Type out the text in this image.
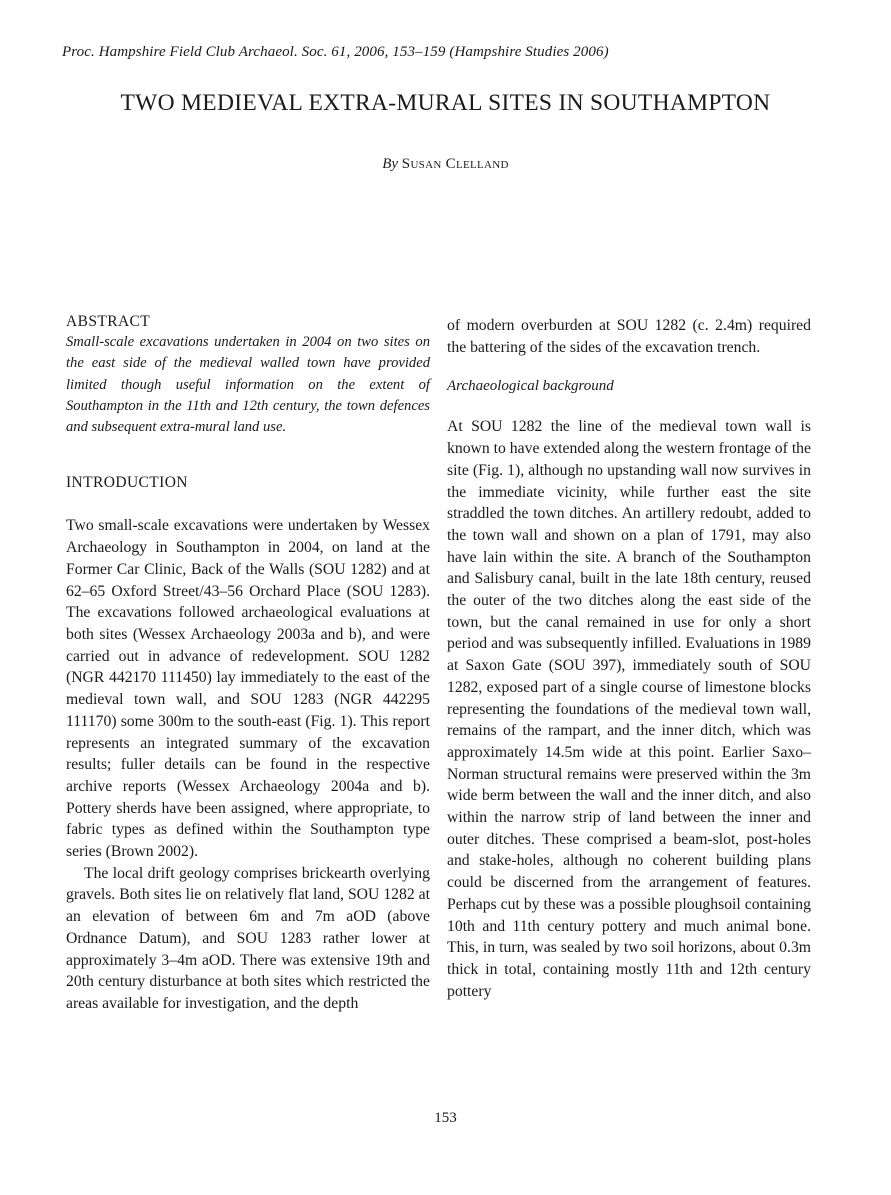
Proc. Hampshire Field Club Archaeol. Soc. 61, 2006, 153–159 (Hampshire Studies 2006)
TWO MEDIEVAL EXTRA-MURAL SITES IN SOUTHAMPTON
By Susan Clelland
ABSTRACT

Small-scale excavations undertaken in 2004 on two sites on the east side of the medieval walled town have provided limited though useful information on the extent of Southampton in the 11th and 12th century, the town defences and subsequent extra-mural land use.

INTRODUCTION

Two small-scale excavations were undertaken by Wessex Archaeology in Southampton in 2004, on land at the Former Car Clinic, Back of the Walls (SOU 1282) and at 62–65 Oxford Street/43–56 Orchard Place (SOU 1283). The excavations followed archaeological evaluations at both sites (Wessex Archaeology 2003a and b), and were carried out in advance of redevelopment. SOU 1282 (NGR 442170 111450) lay immediately to the east of the medieval town wall, and SOU 1283 (NGR 442295 111170) some 300m to the south-east (Fig. 1). This report represents an integrated summary of the excavation results; fuller details can be found in the respective archive reports (Wessex Archaeology 2004a and b). Pottery sherds have been assigned, where appropriate, to fabric types as defined within the Southampton type series (Brown 2002).

The local drift geology comprises brickearth overlying gravels. Both sites lie on relatively flat land, SOU 1282 at an elevation of between 6m and 7m aOD (above Ordnance Datum), and SOU 1283 rather lower at approximately 3–4m aOD. There was extensive 19th and 20th century disturbance at both sites which restricted the areas available for investigation, and the depth

of modern overburden at SOU 1282 (c. 2.4m) required the battering of the sides of the excavation trench.

Archaeological background

At SOU 1282 the line of the medieval town wall is known to have extended along the western frontage of the site (Fig. 1), although no upstanding wall now survives in the immediate vicinity, while further east the site straddled the town ditches. An artillery redoubt, added to the town wall and shown on a plan of 1791, may also have lain within the site. A branch of the Southampton and Salisbury canal, built in the late 18th century, reused the outer of the two ditches along the east side of the town, but the canal remained in use for only a short period and was subsequently infilled. Evaluations in 1989 at Saxon Gate (SOU 397), immediately south of SOU 1282, exposed part of a single course of limestone blocks representing the foundations of the medieval town wall, remains of the rampart, and the inner ditch, which was approximately 14.5m wide at this point. Earlier Saxo–Norman structural remains were preserved within the 3m wide berm between the wall and the inner ditch, and also within the narrow strip of land between the inner and outer ditches. These comprised a beam-slot, post-holes and stake-holes, although no coherent building plans could be discerned from the arrangement of features. Perhaps cut by these was a possible ploughsoil containing 10th and 11th century pottery and much animal bone. This, in turn, was sealed by two soil horizons, about 0.3m thick in total, containing mostly 11th and 12th century pottery

153
